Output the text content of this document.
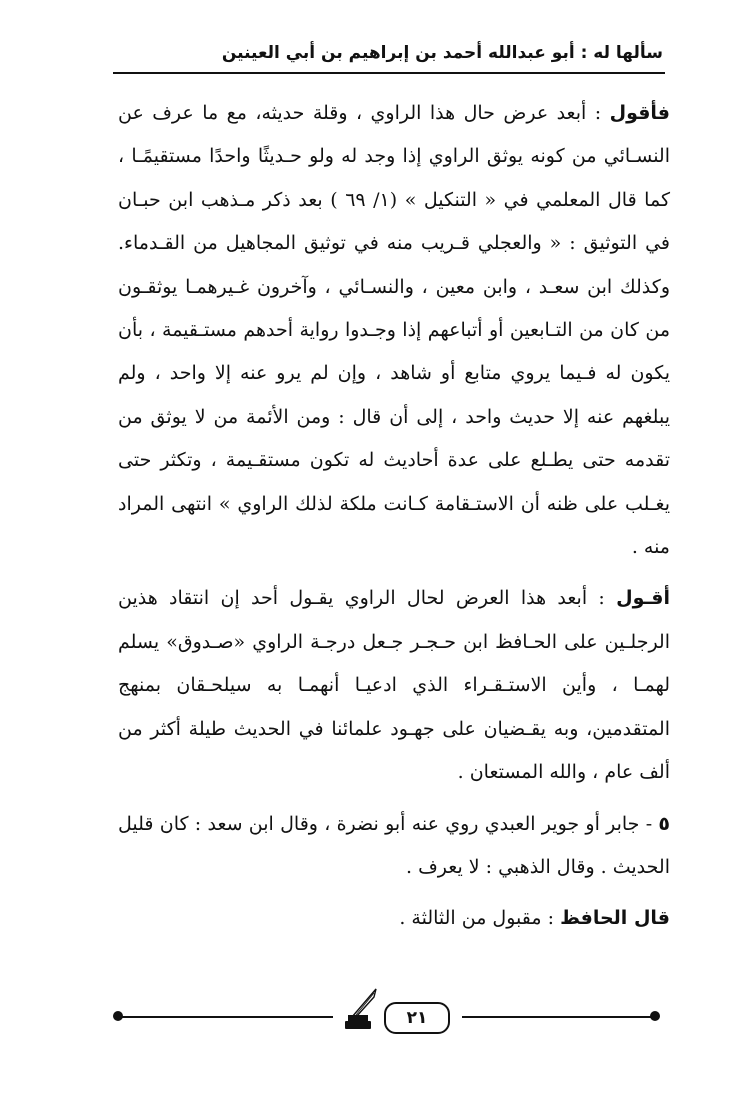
سألها له : أبو عبدالله أحمد بن إبراهيم بن أبي العينين

فأقول : أبعد عرض حال هذا الراوي ، وقلة حديثه، مع ما عرف عن النسـائي من كونه يوثق الراوي إذا وجد له ولو حـديثًا واحدًا مستقيمًـا ، كما قال المعلمي في « التنكيل » (١/ ٦٩ ) بعد ذكر مـذهب ابن حبـان في التوثيق : « والعجلي قـريب منه في توثيق المجاهيل من القـدماء. وكذلك ابن سعـد ، وابن معين ، والنسـائي ، وآخرون غـيرهمـا يوثقـون من كان من التـابعين أو أتباعهم إذا وجـدوا رواية أحدهم مستـقيمة ، بأن يكون له فـيما يروي متابع أو شاهد ، وإن لم يرو عنه إلا واحد ، ولم يبلغهم عنه إلا حديث واحد ، إلى أن قال : ومن الأئمة من لا يوثق من تقدمه حتى يطـلع على عدة أحاديث له تكون مستقـيمة ، وتكثر حتى يغـلب على ظنه أن الاستـقامة كـانت ملكة لذلك الراوي » انتهى المراد منه .

أقـول : أبعد هذا العرض لحال الراوي يقـول أحد إن انتقاد هذين الرجلـين على الحـافظ ابن حـجـر جـعل درجـة الراوي «صـدوق» يسلم لهمـا ، وأين الاستـقـراء الذي ادعيـا أنهمـا به سيلحـقان بمنهج المتقدمين، وبه يقـضيان على جهـود علمائنا في الحديث طيلة أكثر من ألف عام ، والله المستعان .

٥ - جابر أو جوير العبدي روي عنه أبو نضرة ، وقال ابن سعد : كان قليل الحديث . وقال الذهبي : لا يعرف .

قال الحافظ : مقبول من الثالثة .

٢١
